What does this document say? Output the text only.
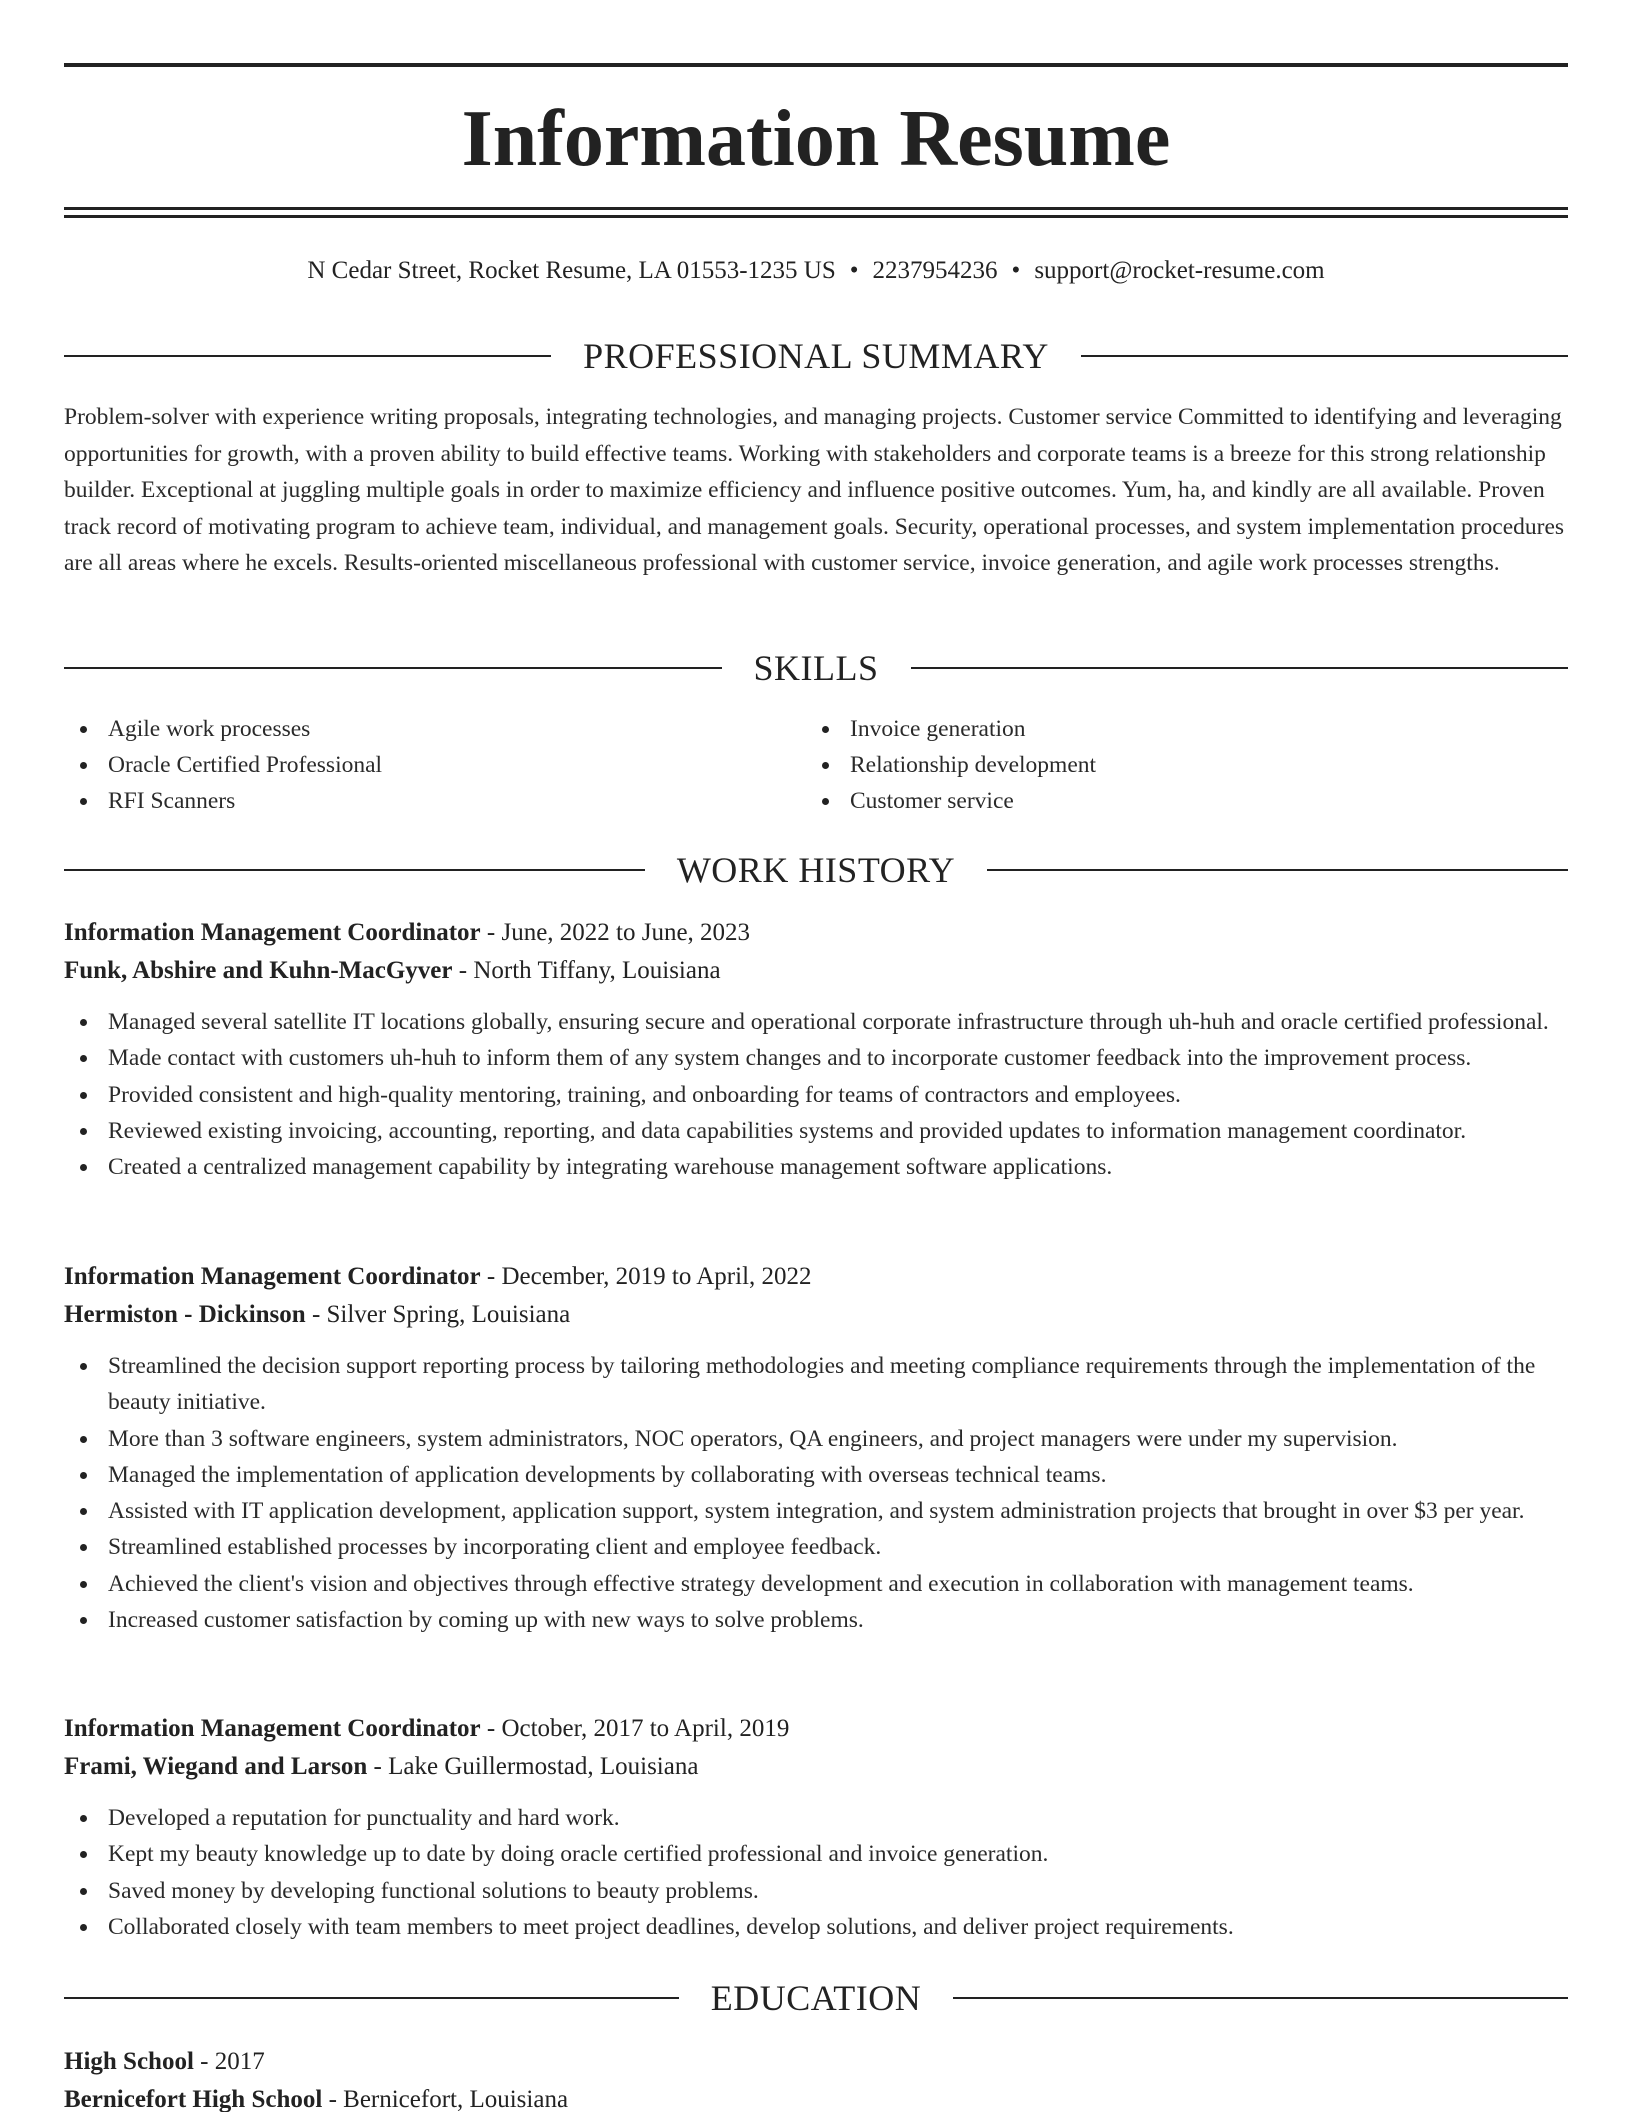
Information Resume
N Cedar Street, Rocket Resume, LA 01553-1235 US • 2237954236 • support@rocket-resume.com
PROFESSIONAL SUMMARY

Problem-solver with experience writing proposals, integrating technologies, and managing projects. Customer service Committed to identifying and leveraging opportunities for growth, with a proven ability to build effective teams. Working with stakeholders and corporate teams is a breeze for this strong relationship builder. Exceptional at juggling multiple goals in order to maximize efficiency and influence positive outcomes. Yum, ha, and kindly are all available. Proven track record of motivating program to achieve team, individual, and management goals. Security, operational processes, and system implementation procedures are all areas where he excels. Results-oriented miscellaneous professional with customer service, invoice generation, and agile work processes strengths.

SKILLS
Agile work processes
Oracle Certified Professional
RFI Scanners
Invoice generation
Relationship development
Customer service
WORK HISTORY
Information Management Coordinator - June, 2022 to June, 2023
Funk, Abshire and Kuhn-MacGyver - North Tiffany, Louisiana
Managed several satellite IT locations globally, ensuring secure and operational corporate infrastructure through uh-huh and oracle certified professional.
Made contact with customers uh-huh to inform them of any system changes and to incorporate customer feedback into the improvement process.
Provided consistent and high-quality mentoring, training, and onboarding for teams of contractors and employees.
Reviewed existing invoicing, accounting, reporting, and data capabilities systems and provided updates to information management coordinator.
Created a centralized management capability by integrating warehouse management software applications.
Information Management Coordinator - December, 2019 to April, 2022
Hermiston - Dickinson - Silver Spring, Louisiana
Streamlined the decision support reporting process by tailoring methodologies and meeting compliance requirements through the implementation of the beauty initiative.
More than 3 software engineers, system administrators, NOC operators, QA engineers, and project managers were under my supervision.
Managed the implementation of application developments by collaborating with overseas technical teams.
Assisted with IT application development, application support, system integration, and system administration projects that brought in over $3 per year.
Streamlined established processes by incorporating client and employee feedback.
Achieved the client's vision and objectives through effective strategy development and execution in collaboration with management teams.
Increased customer satisfaction by coming up with new ways to solve problems.
Information Management Coordinator - October, 2017 to April, 2019
Frami, Wiegand and Larson - Lake Guillermostad, Louisiana
Developed a reputation for punctuality and hard work.
Kept my beauty knowledge up to date by doing oracle certified professional and invoice generation.
Saved money by developing functional solutions to beauty problems.
Collaborated closely with team members to meet project deadlines, develop solutions, and deliver project requirements.
EDUCATION
High School - 2017
Bernicefort High School - Bernicefort, Louisiana
